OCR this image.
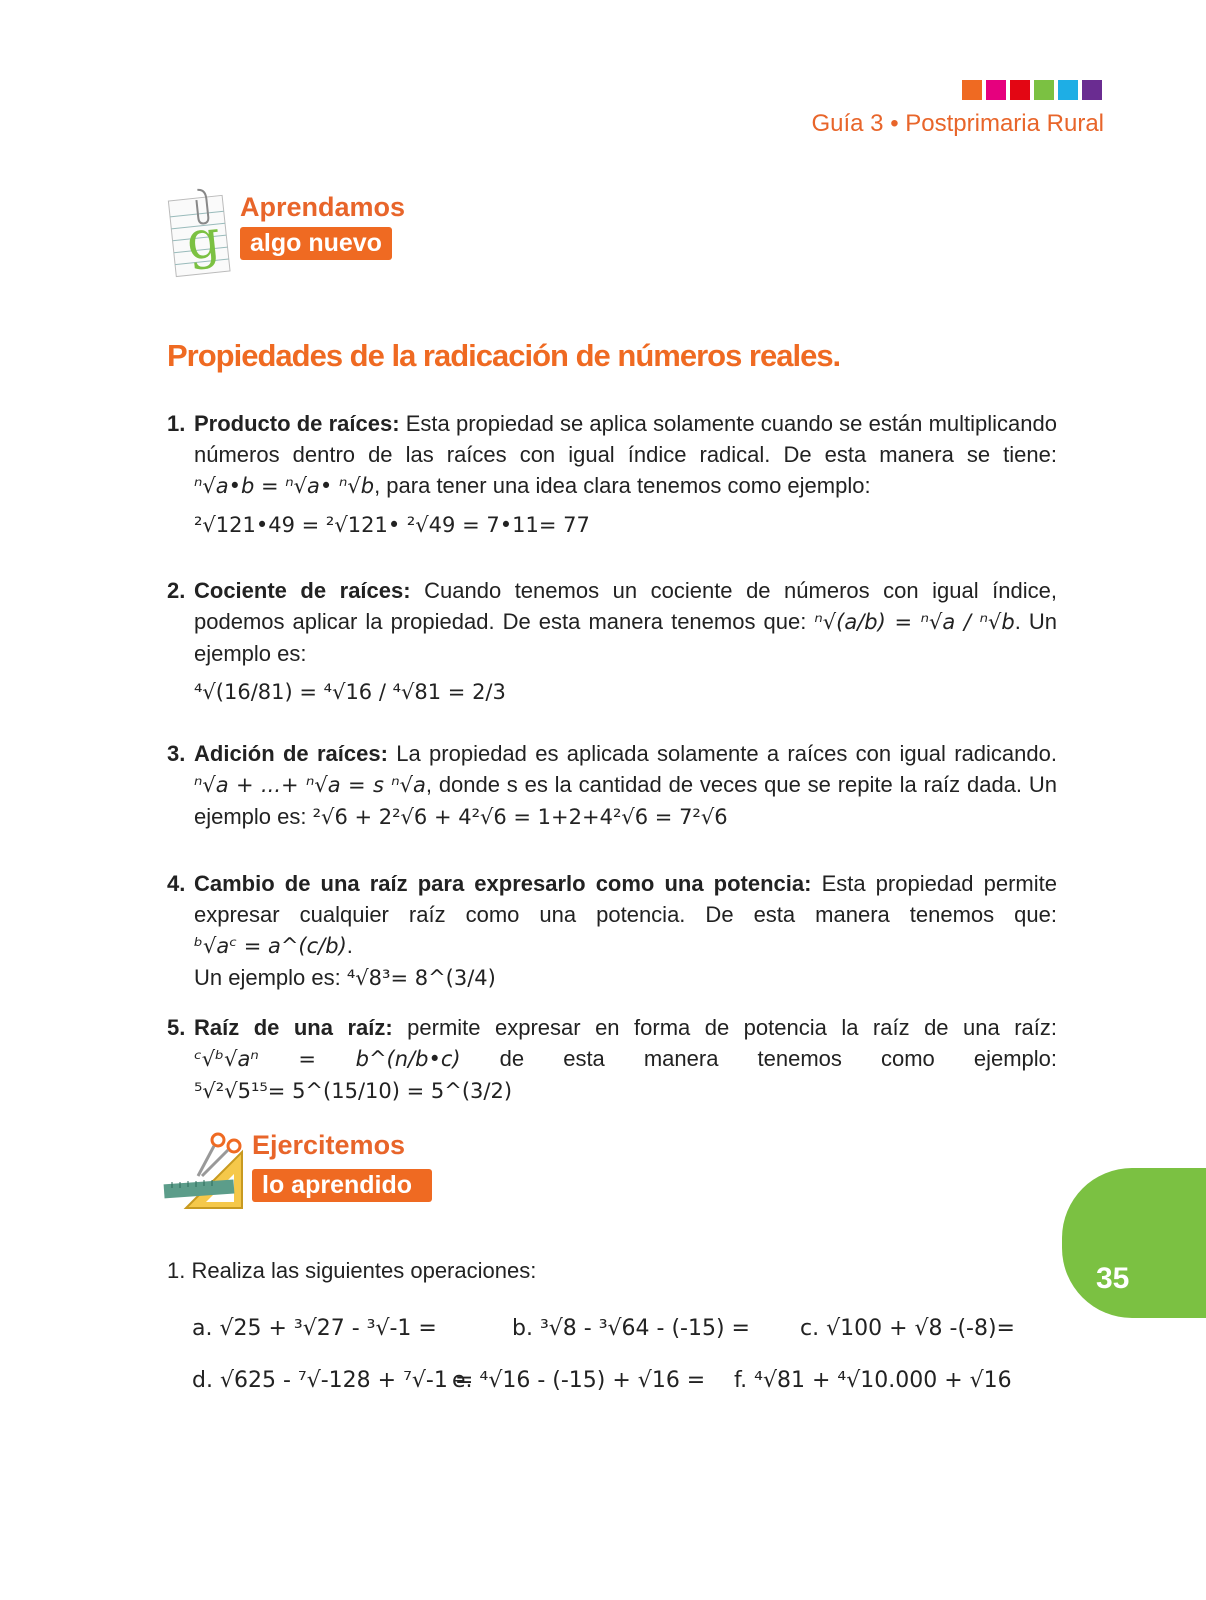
Guía 3 • Postprimaria Rural
g
Aprendamos
algo nuevo
Propiedades de la radicación de números reales.
1. Producto de raíces: Esta propiedad se aplica solamente cuando se están multiplicando números dentro de las raíces con igual índice radical. De esta manera se tiene: ⁿ√a•b = ⁿ√a• ⁿ√b, para tener una idea clara tenemos como ejemplo:
²√121•49 = ²√121• ²√49 = 7•11= 77
2. Cociente de raíces: Cuando tenemos un cociente de números con igual índice, podemos aplicar la propiedad. De esta manera tenemos que: ⁿ√(a/b) = ⁿ√a / ⁿ√b. Un ejemplo es:
⁴√(16/81) = ⁴√16 / ⁴√81 = 2/3
3. Adición de raíces: La propiedad es aplicada solamente a raíces con igual radicando. ⁿ√a + ...+ ⁿ√a = s ⁿ√a, donde s es la cantidad de veces que se repite la raíz dada. Un ejemplo es: ²√6 + 2²√6 + 4²√6 = 1+2+4²√6 = 7²√6
4. Cambio de una raíz para expresarlo como una potencia: Esta propiedad permite expresar cualquier raíz como una potencia. De esta manera tenemos que: ᵇ√aᶜ = a^(c/b).
Un ejemplo es: ⁴√8³= 8^(3/4)
5. Raíz de una raíz: permite expresar en forma de potencia la raíz de una raíz: ᶜ√ᵇ√aⁿ = b^(n/b•c) de esta manera tenemos como ejemplo: ⁵√²√5¹⁵= 5^(15/10) = 5^(3/2)
Ejercitemos
lo aprendido
1. Realiza las siguientes operaciones:
a. √25 + ³√27 - ³√-1 =	b. ³√8 - ³√64 - (-15) = c. √100 + √8 -(-8)=
d. √625 - ⁷√-128 + ⁷√-1 =
e. ⁴√16 - (-15) + √16 = f. ⁴√81 + ⁴√10.000 + √16
35
